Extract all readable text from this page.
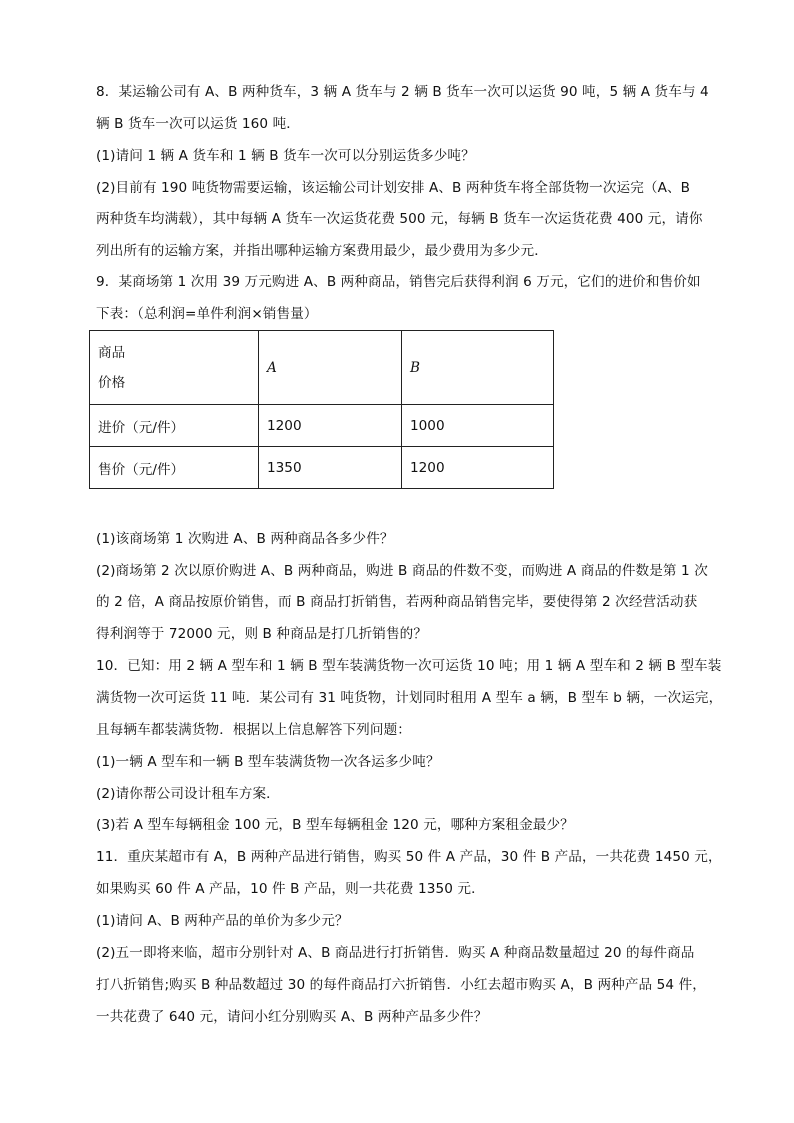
8．某运输公司有 A、B 两种货车，3 辆 A 货车与 2 辆 B 货车一次可以运货 90 吨，5 辆 A 货车与 4
辆 B 货车一次可以运货 160 吨．
(1)请问 1 辆 A 货车和 1 辆 B 货车一次可以分别运货多少吨？
(2)目前有 190 吨货物需要运输，该运输公司计划安排 A、B 两种货车将全部货物一次运完（A、B
两种货车均满载），其中每辆 A 货车一次运货花费 500 元，每辆 B 货车一次运货花费 400 元，请你
列出所有的运输方案，并指出哪种运输方案费用最少，最少费用为多少元．
9．某商场第 1 次用 39 万元购进 A、B 两种商品，销售完后获得利润 6 万元，它们的进价和售价如
下表：（总利润=单件利润×销售量）
商品
价格	A	B
进价（元/件）	1200	1000
售价（元/件）	1350	1200
(1)该商场第 1 次购进 A、B 两种商品各多少件？
(2)商场第 2 次以原价购进 A、B 两种商品，购进 B 商品的件数不变，而购进 A 商品的件数是第 1 次
的 2 倍，A 商品按原价销售，而 B 商品打折销售，若两种商品销售完毕，要使得第 2 次经营活动获
得利润等于 72000 元，则 B 种商品是打几折销售的？
10．已知：用 2 辆 A 型车和 1 辆 B 型车装满货物一次可运货 10 吨；用 1 辆 A 型车和 2 辆 B 型车装
满货物一次可运货 11 吨．某公司有 31 吨货物，计划同时租用 A 型车 a 辆，B 型车 b 辆，一次运完，
且每辆车都装满货物．根据以上信息解答下列问题：
(1)一辆 A 型车和一辆 B 型车装满货物一次各运多少吨？
(2)请你帮公司设计租车方案．
(3)若 A 型车每辆租金 100 元，B 型车每辆租金 120 元，哪种方案租金最少？
11．重庆某超市有 A，B 两种产品进行销售，购买 50 件 A 产品，30 件 B 产品，一共花费 1450 元，
如果购买 60 件 A 产品，10 件 B 产品，则一共花费 1350 元．
(1)请问 A、B 两种产品的单价为多少元？
(2)五一即将来临，超市分别针对 A、B 商品进行打折销售．购买 A 种商品数量超过 20 的每件商品
打八折销售;购买 B 种品数超过 30 的每件商品打六折销售．小红去超市购买 A，B 两种产品 54 件，
一共花费了 640 元，请问小红分别购买 A、B 两种产品多少件？
